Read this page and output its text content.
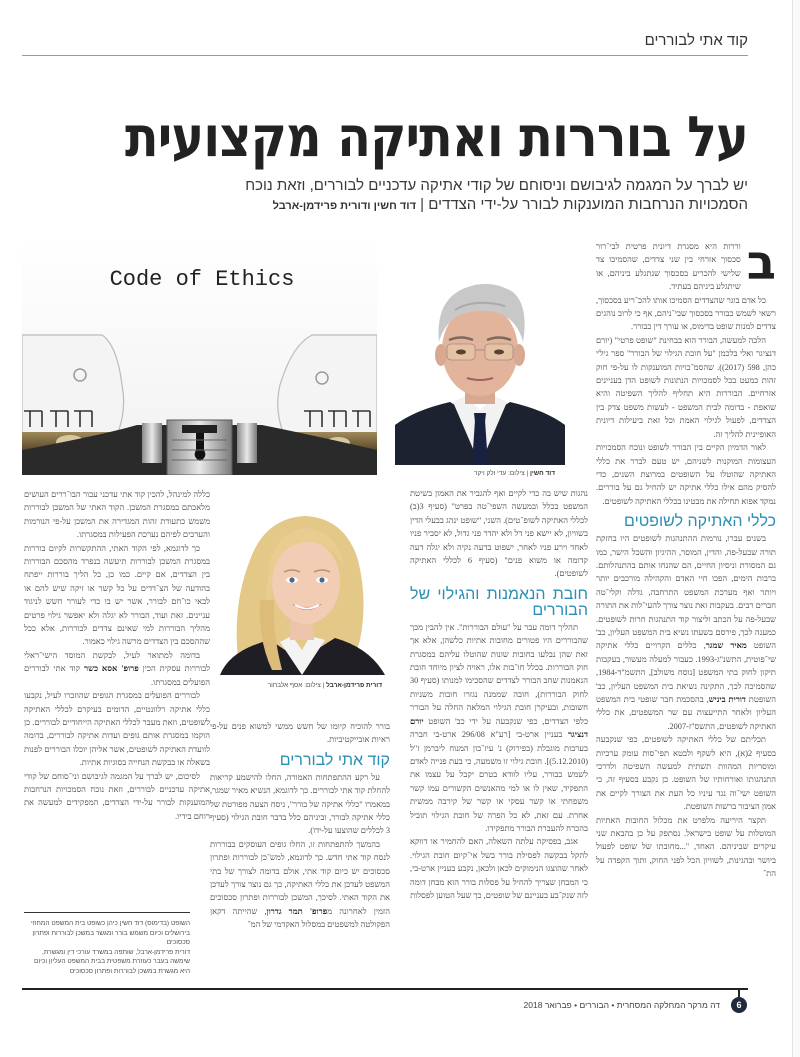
קוד אתי לבוררים
על בוררות ואתיקה מקצועית
יש לברך על המגמה לגיבושם וניסוחם של קודי אתיקה עדכניים לבוררים, וזאת נוכח הסמכויות הנרחבות המוענקות לבורר על-ידי הצדדים | דוד חשין ודורית פרידמן-ארבל
Code of Ethics
דוד חשין | צילום: עדי ולק ויקר
דורית פרידמן-ארבל | צילום: אסף אלבחור
ב

וררות היא מסגרת דיונית פרטית לבי־רור סכסוך אזרחי בין שני צדדים, שהסמיכו צד שלישי להכריע בסכסוך שנתגלע ביניהם, או שיתגלע ביניהם בעתיד.

כל אדם בוגר שהצדדים הסמיכו אותו להכ־ריע בסכסוך, רשאי לשמש כבורר בסכסוך שבי־ניהם, אף כי לרוב נוהגים צדדים למנות שופט בדימוס, או עורך דין כבורר.

הלכה למעשה, הבורר הוא בבחינת "שופט פרטי" (יורם דנציגר ואלי בלכמן "על חובת הגילוי של הבורר" ספר גיל'י כהן, 598 (2017)). שהסמ־כויות המוענקות לו על-פי חוק זהות כמעט בכל לסמכויות הנתונות לשופט הדן בעניינים אזרחיים. הבוררות היא תחליף להליך השפיטה והיא שואפת - בדומה לבית המשפט - לעשות משפט צדק בין הצדדים, לפעול לגילוי האמת וכל זאת ביעילות דיונית האופיינית להליך זה.

לאור הדמיון הקיים בין הבורר לשופט ונוכח הסמכויות העצומות המוקנות לשניהם, יש טעם לברר את כללי האתיקה שהוטלו על השופטים במרוצת השנים, כדי להסיק מהם אילו כללי אתיקה יש להחיל גם על בוררים. נמקד אפוא תחילה את מבטינו בכללי האתיקה לשופטים.

כללי האתיקה לשופטים

בשנים עברו, נורמות ההתנהגות לשופטים היו בחזקת תורה שבעל-פה, והדין, המוסר, ההיגיון והשכל הישר, כמו גם המסורת וניסיון החיים, הם שהנחו אותם בהתנהלותם. ברבות הימים, הפכו חיי האדם והקהילה מורכבים יותר ויותר ואף מערכת המשפט התרחבה, גדלה וקלי־טה חברים רבים. בעקבות זאת נוצר צורך להעי־לות את התורה שבעל-פה על הכתב וליצור קוד התנהגות חרות לשופטים. כמענה לכך, פירסם בשעתו נשיא בית המשפט העליון, כב' השופט מאיר שמגר, כללים הקרויים כללי אתיקה שי־פוטית, התשנ"ג-1993. כעבור למעלה מעשור, בעקבות תיקון לחוק בתי המשפט [נוסח משולב], התשמ"ד-1984, שהסמיכה לכך, התקינה נשיאת בית המשפט העליון, כב' השופטת דורית ביניש, בהסכמת חבר שופטי בית המשפט העליון ולאחר התייעצות עם שר המשפטים, את כללי האתיקה לשופטים, התשס"ז-2007.

תכליתם של כללי האתיקה לשופטים, כפי שנקבעה בסעיף 2(א), היא לשקף ולבטא תפי־סות עומק ערכיות ומוסריות המהוות תשתית למעשה השפיטה ולדרכי התנהגותו ואורחותיו של השופט. כן נקבע בסעיף זה, כי השופט ישי־וה נגד עיניו כל העת את הצורך לקיים את אמון הציבור ברשות השופטת.

תקצר היריעה מלפרט את מכלול החובות האתיות המוטלות על שופט בישראל. נסתפק על כן בהבאת שני עיקרים שביניהם. האחד, "...מחובתו של שופט לפעול ביושר ובהגינות, לשוויון הכל לפני החוק, ותוך הקפדה על הת־

נהגות שיש בה כדי לקיים ואף להגביר את האמון בשיטת המשפט בכלל ובמעשה השפי־טה בפרט" (סעיף 3(ב) לכללי האתיקה לשופ־טים). השני, "שופט ינהג בבעלי הדין בשוויון, לא יישא פני דל ולא יהדר פני גדול, לא יסביר פניו לאחד וירע פניו לאחר, ישפוט בדעה נקיה ולא יגלה דעה קדומה או משוא פנים" (סעיף 6 לכללי האתיקה לשופטים).

חובת הנאמנות והגילוי של הבוררים

תהליך דומה עבר על "עולם הבוררות". אין להבין מכך שהבוררים היו פטורים מחובות אתיות כלשהן, אלא אך זאת שהן נבלעו בחובות שונות שהוטלו עליהם במסגרת חוק הבוררות. בכלל חו־בות אלו, ראויה לציון מיוחד חובת הנאמנות שחב הבורר לצדדים שהסכימו למנותו (סעיף 30 לחוק הבוררות), חובה שממנה נגזרו חובות משניות חשובות, ובעיקרן חובת הגילוי המלאה החלה על הבורר כלפי הצדדים, כפי שנקבעה על ידי כב' השופט יורם דנציגר בעניין ארט-בי [רע"א 296/08 ארט-בי חברה בערבות מוגבלת (בפירוק) נ' עיז־בון המנוח ליברמן ז"ל (5.12.2010)]. חובת גילוי זו משמעה, כי בעת פנייה לאדם לשמש כבורר, עליו לוודא בטרם יקבל על עצמו את התפקיד, שאין לו או למי מהאנשים הקשורים עמו קשר משפחתי או קשר עסקי או קשר של קירבה ממשית אחרת. עם זאת, לא כל הפרה של חובת הגילוי תוביל בהכרח להעברת הבורר מתפקידו.

אגב, בפסיקה עלתה השאלה, האם להחמיר או דווקא להקל בבקשה לפסילת בורר בשל אי־קיום חובת הגילוי. לאחר שהוצגו הנימוקים לכאן ולכאן, נקבע בעניין ארט-בי, כי המבחן שצריך להחיל על פסלות בורר הוא מבחן דומה לזה שנק־בע בעניינם של שופטים, כך שעל הטוען לפסלות

בורר להוכיח קיומו של חשש ממשי למשוא פנים על-פי ראיות אובייקטיביות.

קוד אתי לבוררים

על רקע ההתפתחות האמורה, החלו להישמע קריאות להחלת קוד אתי לבוררים. כך לדוגמא, הנשיא מאיר שמגר, במאמרו "כללי אתיקה של בורר", ניסח הצעה מפורטת של כללי אתיקה לבורר, וביניהם כלל בדבר חובת הגילוי (סעיף 3 לכללים שהוצעו על-ידו).

בהמשך להתפתחות זו, החלו גופים העוסקים בבוררות לנסח קוד אתי חדש. כך לדוגמא, למש־כן לבוררות ופתרון סכסוכים יש כיום קוד אתי, אולם בדומה לצורך של בתי המשפט לעדכן את כללי האתיקה, כך גם נוצר צורך לעדכן את הקוד האתי. לסיכך, המשכן לבוררות ופתרון סכסוכים הזמין לאחרונה מפרופ' תמר גדרון, שהייתה דקאן הפקולטה למשפטים במסלול האקדמי של המ־

כללה למינהל, להכין קוד אתי עדכני עבור הבו־ררים העושים מלאכתם במסגרת המשכן. הקוד האתי של המשכן לבוררות משמש כתעודת זהות המגדירה את המשכן על-פי הנורמות והערכים לפיהם נערכת הפעילות במסגרתו.

כך לדוגמא, לפי הקוד האתי, ההתקשרות לקיום בוררות במסגרת המשכן לבוררות תיעשה בנפרד מהסכם הבוררות בין הצדדים, אם קיים. כמו כן, כל הליך בוררות ייפתח בהודעה של הצ־דדים על כל קשר או זיקה שיש להם או לבאי כו־חם לבורר, אשר יש בו כדי לעורר חשש לניגוד עניינים. זאת ועוד, הבורר לא יגלה ולא יאפשר גילוי פרטים מהליך הבוררות למי שאינם צדדים לבוררות, אלא ככל שההסכם בין הצדדים מרשה גילוי כאמור.

בדומה למתואר לעיל, לבקשת המוסד הישי־ראלי לבוררות עסקית הכין פרופ' אסא כשר קוד אתי לבוררים הפועלים במסגרתו.

לבוררים הפועלים במסגרת הגופים שהוזכרו לעיל, נקבעו כללי אתיקה רלוונטיים, הדומים בעיקרם לכללי האתיקה לשופטים, וזאת מעבר לכללי האתיקה הייחודיים לבוררים. כן הוקמו במסגרת אותם גופים ועדות אתיקה לבוררים, בדומה לוועדת האתיקה לשופטים, אשר אליהן יוכלו הבוררים לפנות בשאלה או בבקשת הנחייה בסוגיות אתיות.

לסיכום, יש לברך על המגמה לגיבושם וני־סוחם של קודי אתיקה עדכניים לבוררים, וזאת נוכח הסמכויות הנרחבות המוענקות לבורר על-ידי הצדדים, המפקידים למעשה את רוחם בידיו.

השופט (בדימוס) דוד חשין כיהן כשופט בית המשפט המחוזי בירושלים וכיום משמש בורר ומגשר במשכן לבוררות ופתרון סכסוכים
דורית פרידמן-ארבל, שותפה במשרד עורכי דין ומגשרת, שימשה בעבר כעוזרת משפטית בבית המשפט העליון וכיום היא מגשרת במשכן לבוררות ופתרון סכסוכים
6
דה מרקר המחלקה המסחרית • הבוררים • פברואר 2018
